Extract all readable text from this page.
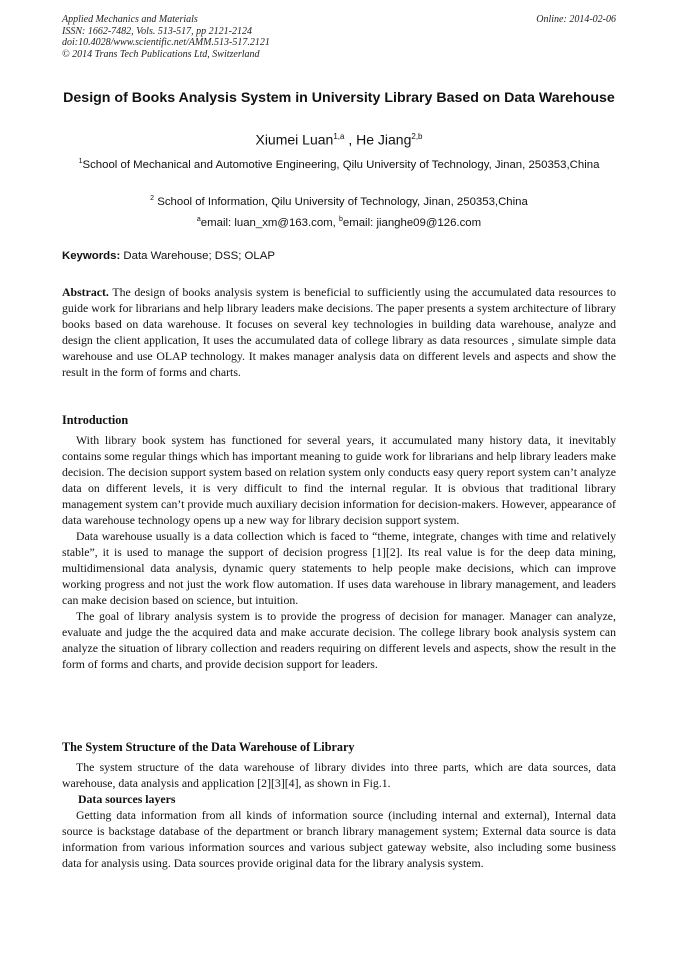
Applied Mechanics and Materials
ISSN: 1662-7482, Vols. 513-517, pp 2121-2124
doi:10.4028/www.scientific.net/AMM.513-517.2121
© 2014 Trans Tech Publications Ltd, Switzerland
Online: 2014-02-06
Design of Books Analysis System in University Library Based on Data Warehouse
Xiumei Luan$^{1,a}$ , He Jiang$^{2,b}$
$^1$School of Mechanical and Automotive Engineering, Qilu University of Technology, Jinan, 250353,China
$^2$ School of Information, Qilu University of Technology, Jinan, 250353,China
$^a$email: luan_xm@163.com, $^b$email: jianghe09@126.com
Keywords: Data Warehouse; DSS; OLAP
Abstract. The design of books analysis system is beneficial to sufficiently using the accumulated data resources to guide work for librarians and help library leaders make decisions. The paper presents a system architecture of library books based on data warehouse. It focuses on several key technologies in building data warehouse, analyze and design the client application, It uses the accumulated data of college library as data resources , simulate simple data warehouse and use OLAP technology. It makes manager analysis data on different levels and aspects and show the result in the form of forms and charts.
Introduction

With library book system has functioned for several years, it accumulated many history data, it inevitably contains some regular things which has important meaning to guide work for librarians and help library leaders make decision. The decision support system based on relation system only conducts easy query report system can’t analyze data on different levels, it is very difficult to find the internal regular. It is obvious that traditional library management system can’t provide much auxiliary decision information for decision-makers. However, appearance of data warehouse technology opens up a new way for library decision support system.

Data warehouse usually is a data collection which is faced to “theme, integrate, changes with time and relatively stable”, it is used to manage the support of decision progress [1][2]. Its real value is for the deep data mining, multidimensional data analysis, dynamic query statements to help people make decisions, which can improve working progress and not just the work flow automation. If uses data warehouse in library management, and leaders can make decision based on science, but intuition.

The goal of library analysis system is to provide the progress of decision for manager. Manager can analyze, evaluate and judge the the acquired data and make accurate decision. The college library book analysis system can analyze the situation of library collection and readers requiring on different levels and aspects, show the result in the form of forms and charts, and provide decision support for leaders.

The System Structure of the Data Warehouse of Library

The system structure of the data warehouse of library divides into three parts, which are data sources, data warehouse, data analysis and application [2][3][4], as shown in Fig.1.

Data sources layers

Getting data information from all kinds of information source (including internal and external), Internal data source is backstage database of the department or branch library management system; External data source is data information from various information sources and various subject gateway website, also including some business data for analysis using. Data sources provide original data for the library analysis system.
